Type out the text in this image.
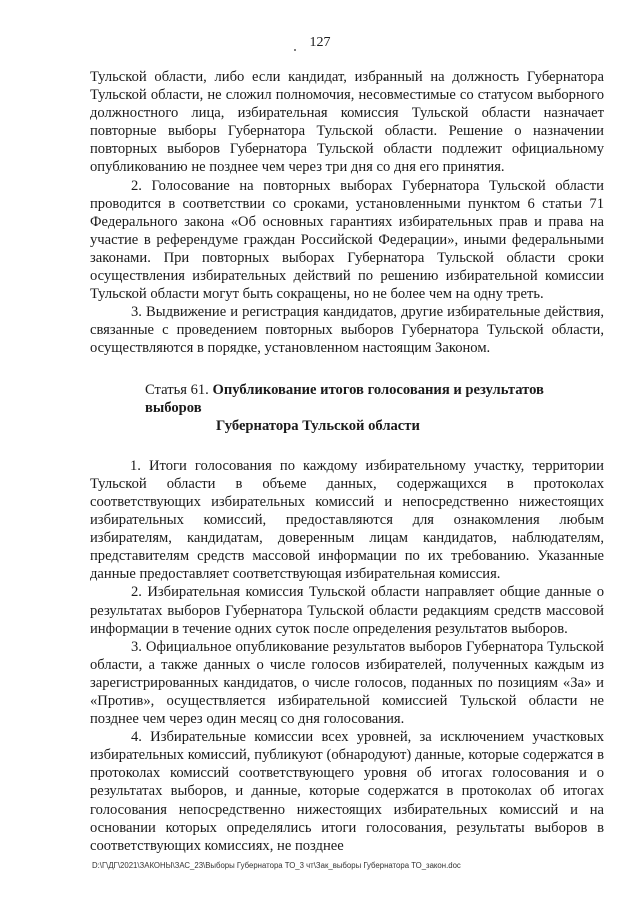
127

Тульской области, либо если кандидат, избранный на должность Губернатора Тульской области, не сложил полномочия, несовместимые со статусом выборного должностного лица, избирательная комиссия Тульской области назначает повторные выборы Губернатора Тульской области. Решение о назначении повторных выборов Губернатора Тульской области подлежит официальному опубликованию не позднее чем через три дня со дня его принятия.

2. Голосование на повторных выборах Губернатора Тульской области проводится в соответствии со сроками, установленными пунктом 6 статьи 71 Федерального закона «Об основных гарантиях избирательных прав и права на участие в референдуме граждан Российской Федерации», иными федеральными законами. При повторных выборах Губернатора Тульской области сроки осуществления избирательных действий по решению избирательной комиссии Тульской области могут быть сокращены, но не более чем на одну треть.

3. Выдвижение и регистрация кандидатов, другие избирательные действия, связанные с проведением повторных выборов Губернатора Тульской области, осуществляются в порядке, установленном настоящим Законом.

Статья 61. Опубликование итогов голосования и результатов выборов
Губернатора Тульской области

1. Итоги голосования по каждому избирательному участку, территории Тульской области в объеме данных, содержащихся в протоколах соответствующих избирательных комиссий и непосредственно нижестоящих избирательных комиссий, предоставляются для ознакомления любым избирателям, кандидатам, доверенным лицам кандидатов, наблюдателям, представителям средств массовой информации по их требованию. Указанные данные предоставляет соответствующая избирательная комиссия.

2. Избирательная комиссия Тульской области направляет общие данные о результатах выборов Губернатора Тульской области редакциям средств массовой информации в течение одних суток после определения результатов выборов.

3. Официальное опубликование результатов выборов Губернатора Тульской области, а также данных о числе голосов избирателей, полученных каждым из зарегистрированных кандидатов, о числе голосов, поданных по позициям «За» и «Против», осуществляется избирательной комиссией Тульской области не позднее чем через один месяц со дня голосования.

4. Избирательные комиссии всех уровней, за исключением участковых избирательных комиссий, публикуют (обнародуют) данные, которые содержатся в протоколах комиссий соответствующего уровня об итогах голосования и о результатах выборов, и данные, которые содержатся в протоколах об итогах голосования непосредственно нижестоящих избирательных комиссий и на основании которых определялись итоги голосования, результаты выборов в соответствующих комиссиях, не позднее

D:\Г\ДГ\2021\ЗАКОНЫ\ЗАС_23\Выборы Губернатора ТО_3 чт\Зак_выборы Губернатора ТО_закон.doc
